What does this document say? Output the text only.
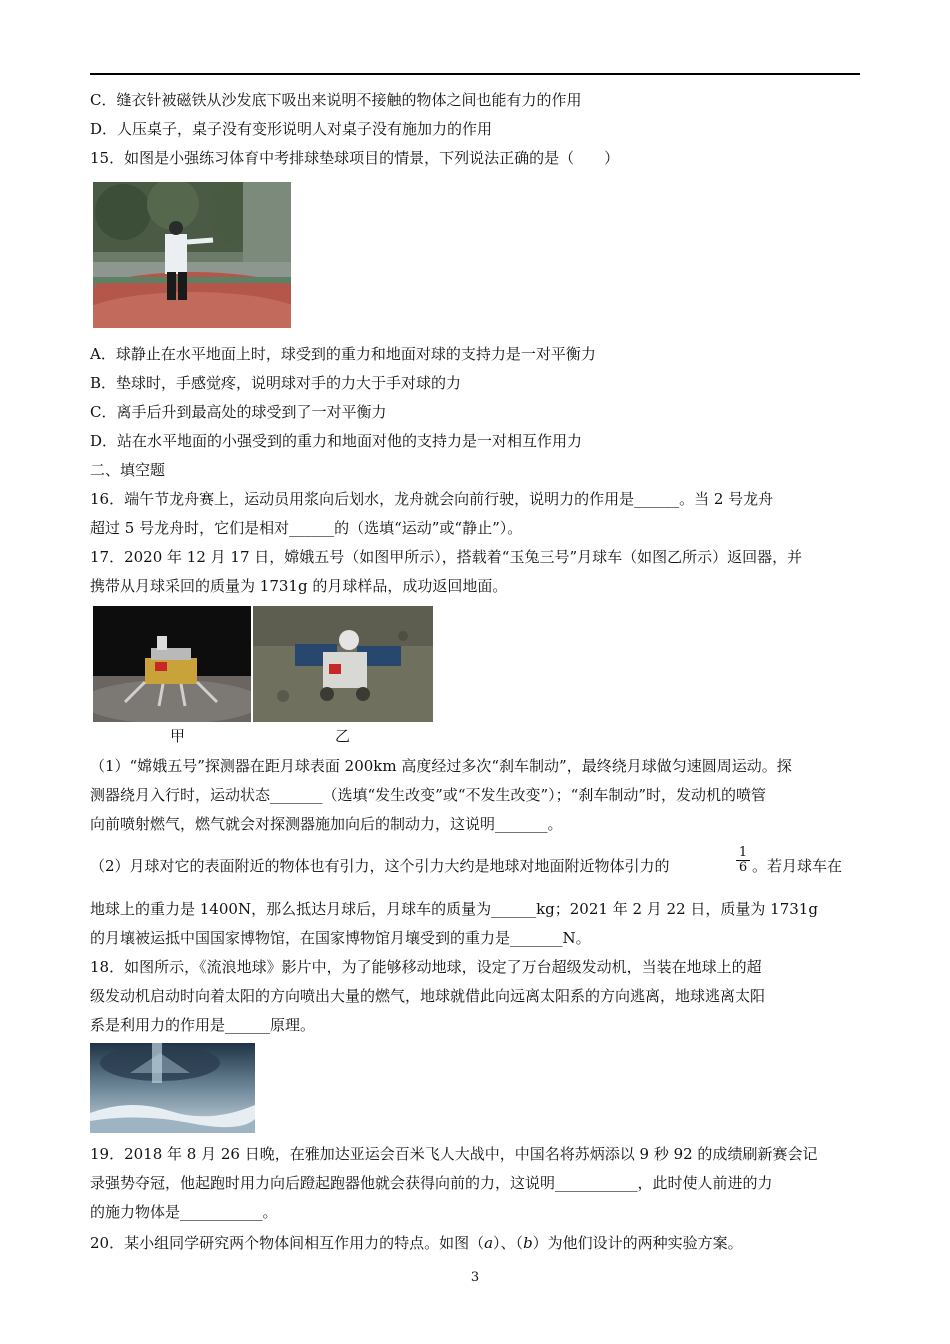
C．缝衣针被磁铁从沙发底下吸出来说明不接触的物体之间也能有力的作用
D．人压桌子，桌子没有变形说明人对桌子没有施加力的作用
15．如图是小强练习体育中考排球垫球项目的情景，下列说法正确的是（　　）
A．球静止在水平地面上时，球受到的重力和地面对球的支持力是一对平衡力
B．垫球时，手感觉疼，说明球对手的力大于手对球的力
C．离手后升到最高处的球受到了一对平衡力
D．站在水平地面的小强受到的重力和地面对他的支持力是一对相互作用力
二、填空题
16．端午节龙舟赛上，运动员用浆向后划水，龙舟就会向前行驶，说明力的作用是______。当 2 号龙舟
超过 5 号龙舟时，它们是相对______的（选填“运动”或“静止”）。
17．2020 年 12 月 17 日，嫦娥五号（如图甲所示），搭载着“玉兔三号”月球车（如图乙所示）返回器，并
携带从月球采回的质量为 1731g 的月球样品，成功返回地面。
甲	乙
（1）“嫦娥五号”探测器在距月球表面 200km 高度经过多次“刹车制动”，最终绕月球做匀速圆周运动。探
测器绕月入行时，运动状态_______（选填“发生改变”或“不发生改变”）；“刹车制动”时，发动机的喷管
向前喷射燃气，燃气就会对探测器施加向后的制动力，这说明_______。
（2）月球对它的表面附近的物体也有引力，这个引力大约是地球对地面附近物体引力的	$\frac{1}{6}$ 。若月球车在
地球上的重力是 1400N，那么抵达月球后，月球车的质量为______kg；2021 年 2 月 22 日，质量为 1731g
的月壤被运抵中国国家博物馆，在国家博物馆月壤受到的重力是_______N。
18．如图所示，《流浪地球》影片中，为了能够移动地球，设定了万台超级发动机，当装在地球上的超
级发动机启动时向着太阳的方向喷出大量的燃气，地球就借此向远离太阳系的方向逃离，地球逃离太阳
系是利用力的作用是______原理。
19．2018 年 8 月 26 日晚，在雅加达亚运会百米飞人大战中，中国名将苏炳添以 9 秒 92 的成绩刷新赛会记
录强势夺冠，他起跑时用力向后蹬起跑器他就会获得向前的力，这说明___________，此时使人前进的力
的施力物体是___________。
20．某小组同学研究两个物体间相互作用力的特点。如图（a）、（b）为他们设计的两种实验方案。
3
